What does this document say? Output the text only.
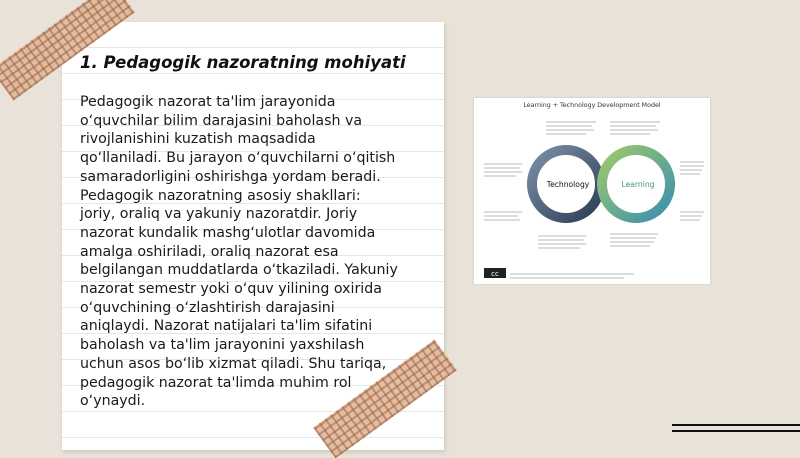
1. Pedagogik nazoratning mohiyati

Pedagogik nazorat ta'lim jarayonida o‘quvchilar bilim darajasini baholash va rivojlanishini kuzatish maqsadida qo‘llaniladi. Bu jarayon o‘quvchilarni o‘qitish samaradorligini oshirishga yordam beradi. Pedagogik nazoratning asosiy shakllari: joriy, oraliq va yakuniy nazoratdir. Joriy nazorat kundalik mashg‘ulotlar davomida amalga oshiriladi, oraliq nazorat esa belgilangan muddatlarda o‘tkaziladi. Yakuniy nazorat semestr yoki o‘quv yilining oxirida o‘quvchining o‘zlashtirish darajasini aniqlaydi. Nazorat natijalari ta'lim sifatini baholash va ta'lim jarayonini yaxshilash uchun asos bo‘lib xizmat qiladi. Shu tariqa, pedagogik nazorat ta'limda muhim rol o‘ynaydi.

Learning + Technology Development Model
Technology	Learning
cc
